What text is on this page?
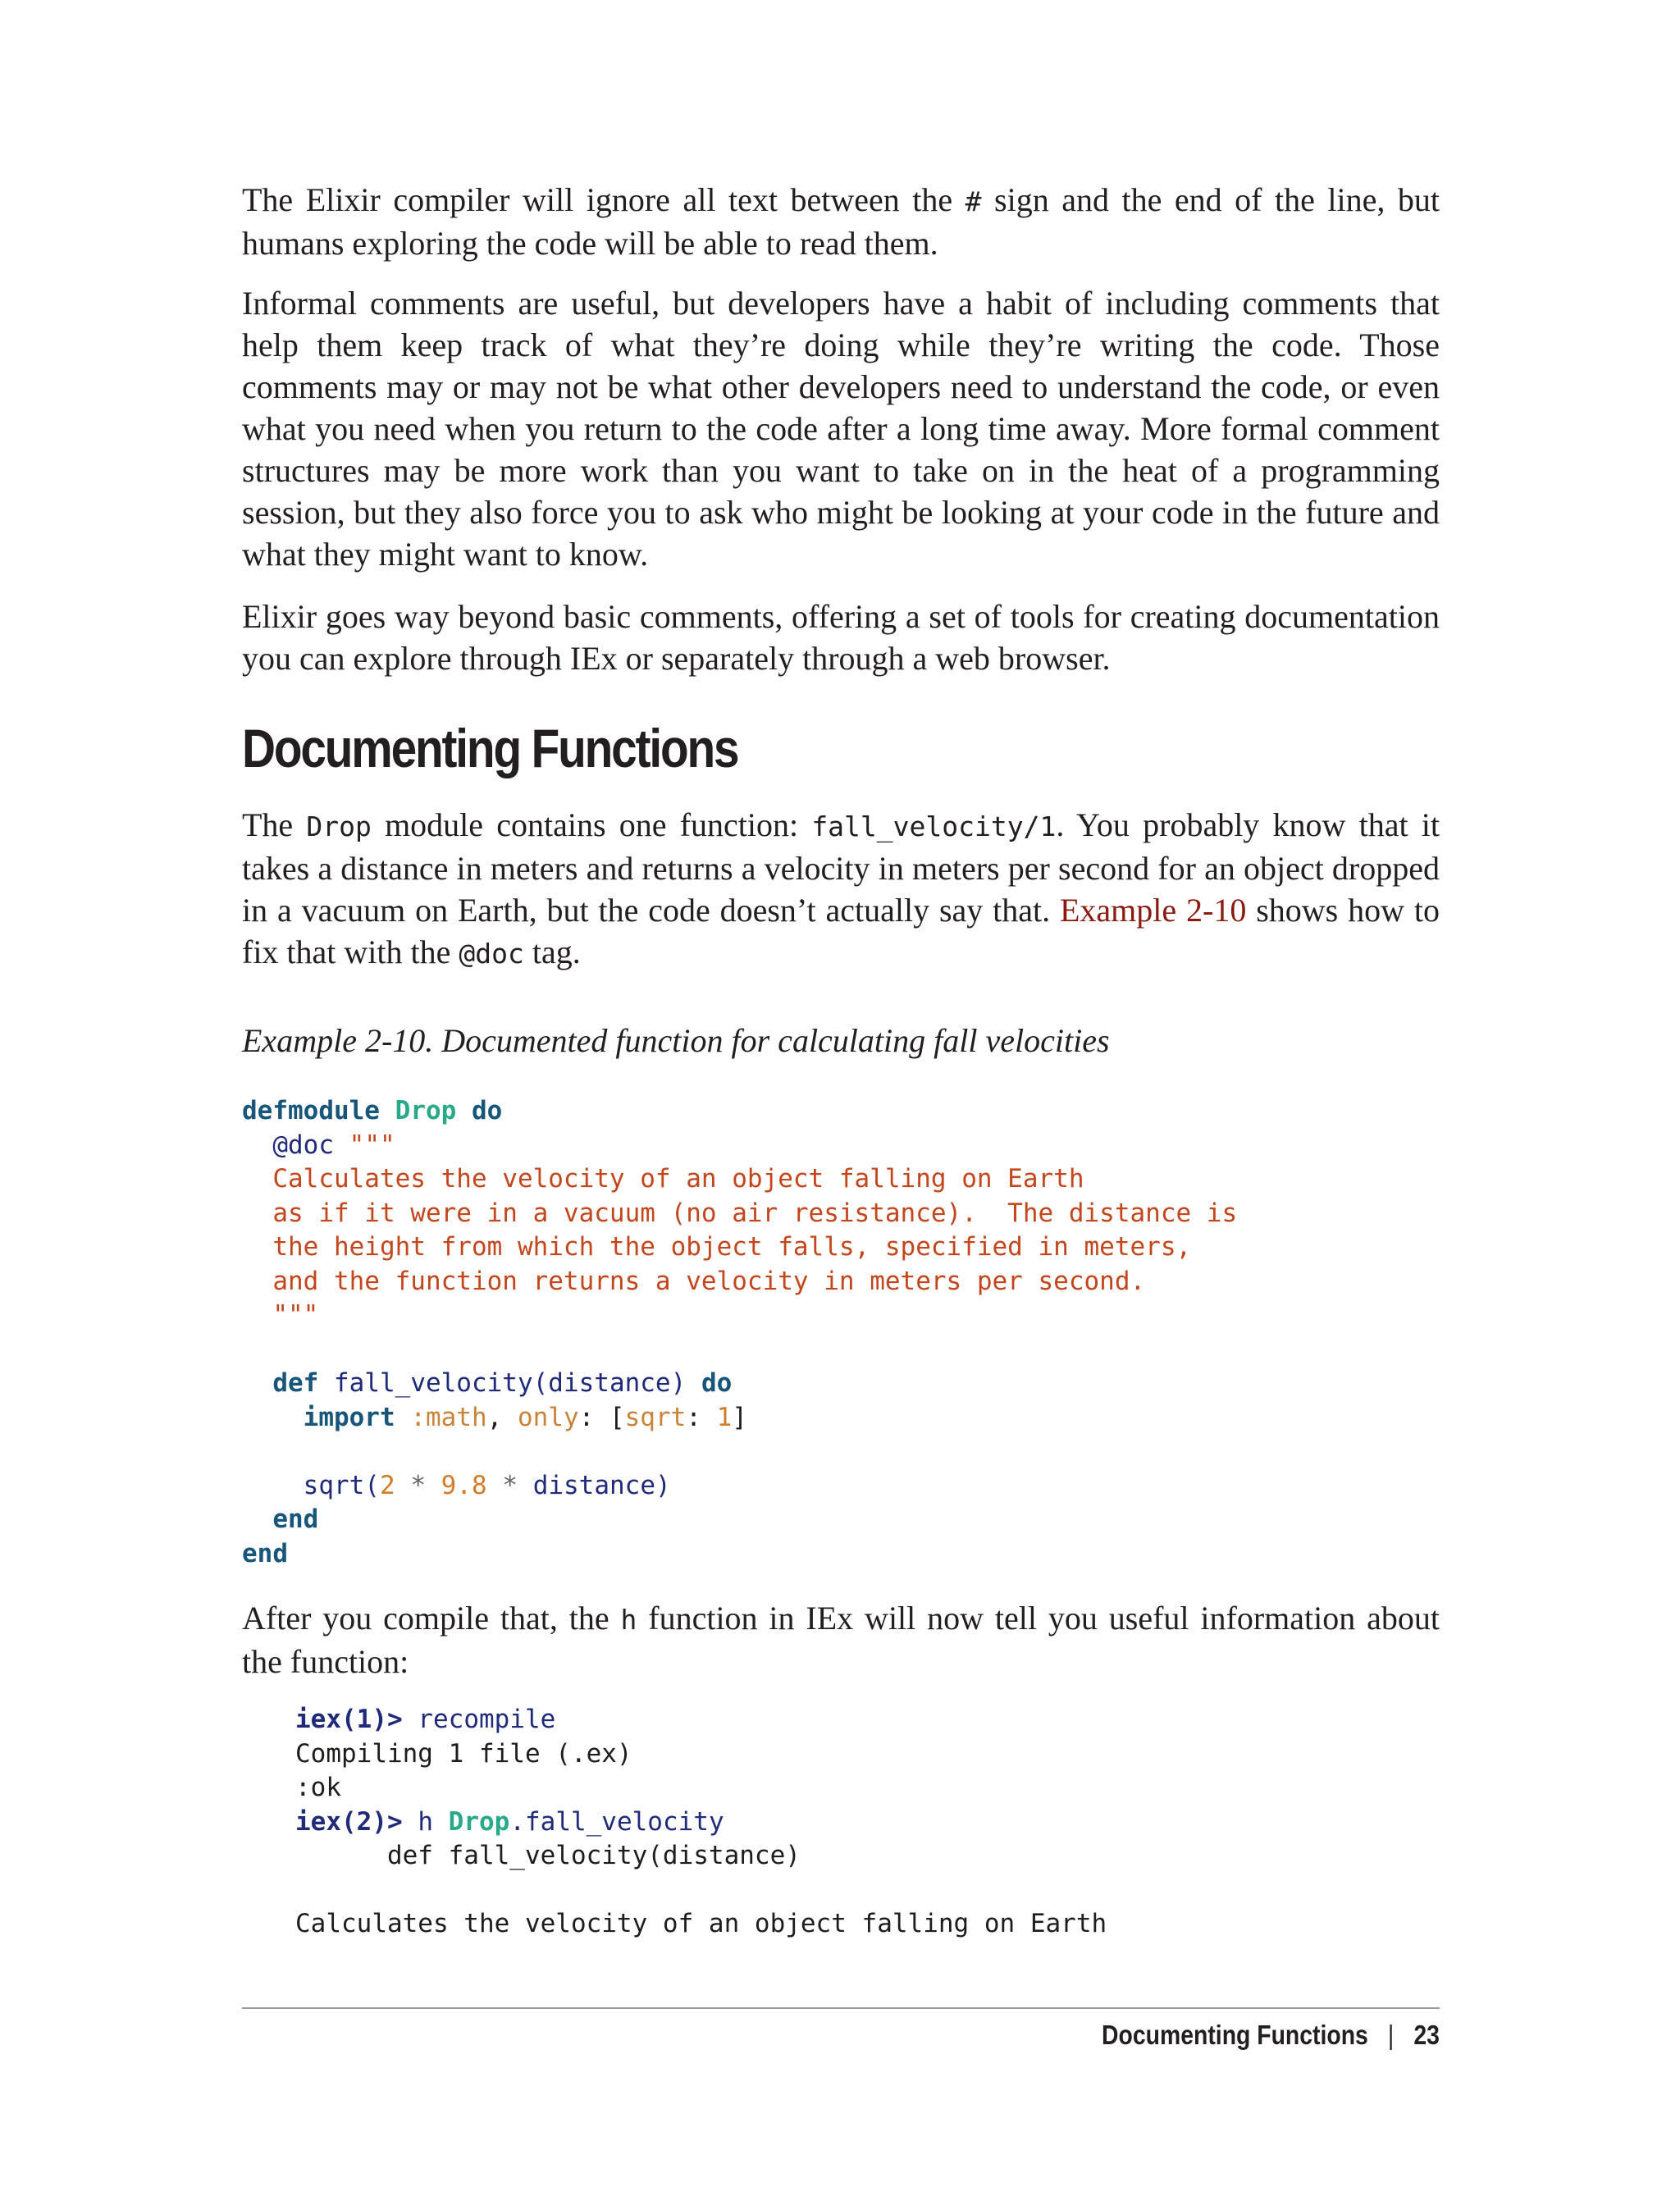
The Elixir compiler will ignore all text between the # sign and the end of the line, but humans exploring the code will be able to read them.

Informal comments are useful, but developers have a habit of including comments that help them keep track of what they’re doing while they’re writing the code. Those comments may or may not be what other developers need to understand the code, or even what you need when you return to the code after a long time away. More formal comment structures may be more work than you want to take on in the heat of a programming session, but they also force you to ask who might be looking at your code in the future and what they might want to know.

Elixir goes way beyond basic comments, offering a set of tools for creating documentation you can explore through IEx or separately through a web browser.

Documenting Functions

The Drop module contains one function: fall_velocity/1. You probably know that it takes a distance in meters and returns a velocity in meters per second for an object dropped in a vacuum on Earth, but the code doesn’t actually say that. Example 2-10 shows how to fix that with the @doc tag.

Example 2-10. Documented function for calculating fall velocities

defmodule Drop do
@doc """
Calculates the velocity of an object falling on Earth
as if it were in a vacuum (no air resistance).  The distance is
the height from which the object falls, specified in meters,
and the function returns a velocity in meters per second.
"""

def fall_velocity(distance) do
import :math, only: [sqrt: 1]

sqrt(2 * 9.8 * distance)
end
end

After you compile that, the h function in IEx will now tell you useful information about the function:

iex(1)> recompile
Compiling 1 file (.ex)
:ok
iex(2)> h Drop.fall_velocity
def fall_velocity(distance)

Calculates the velocity of an object falling on Earth
Documenting Functions | 23
